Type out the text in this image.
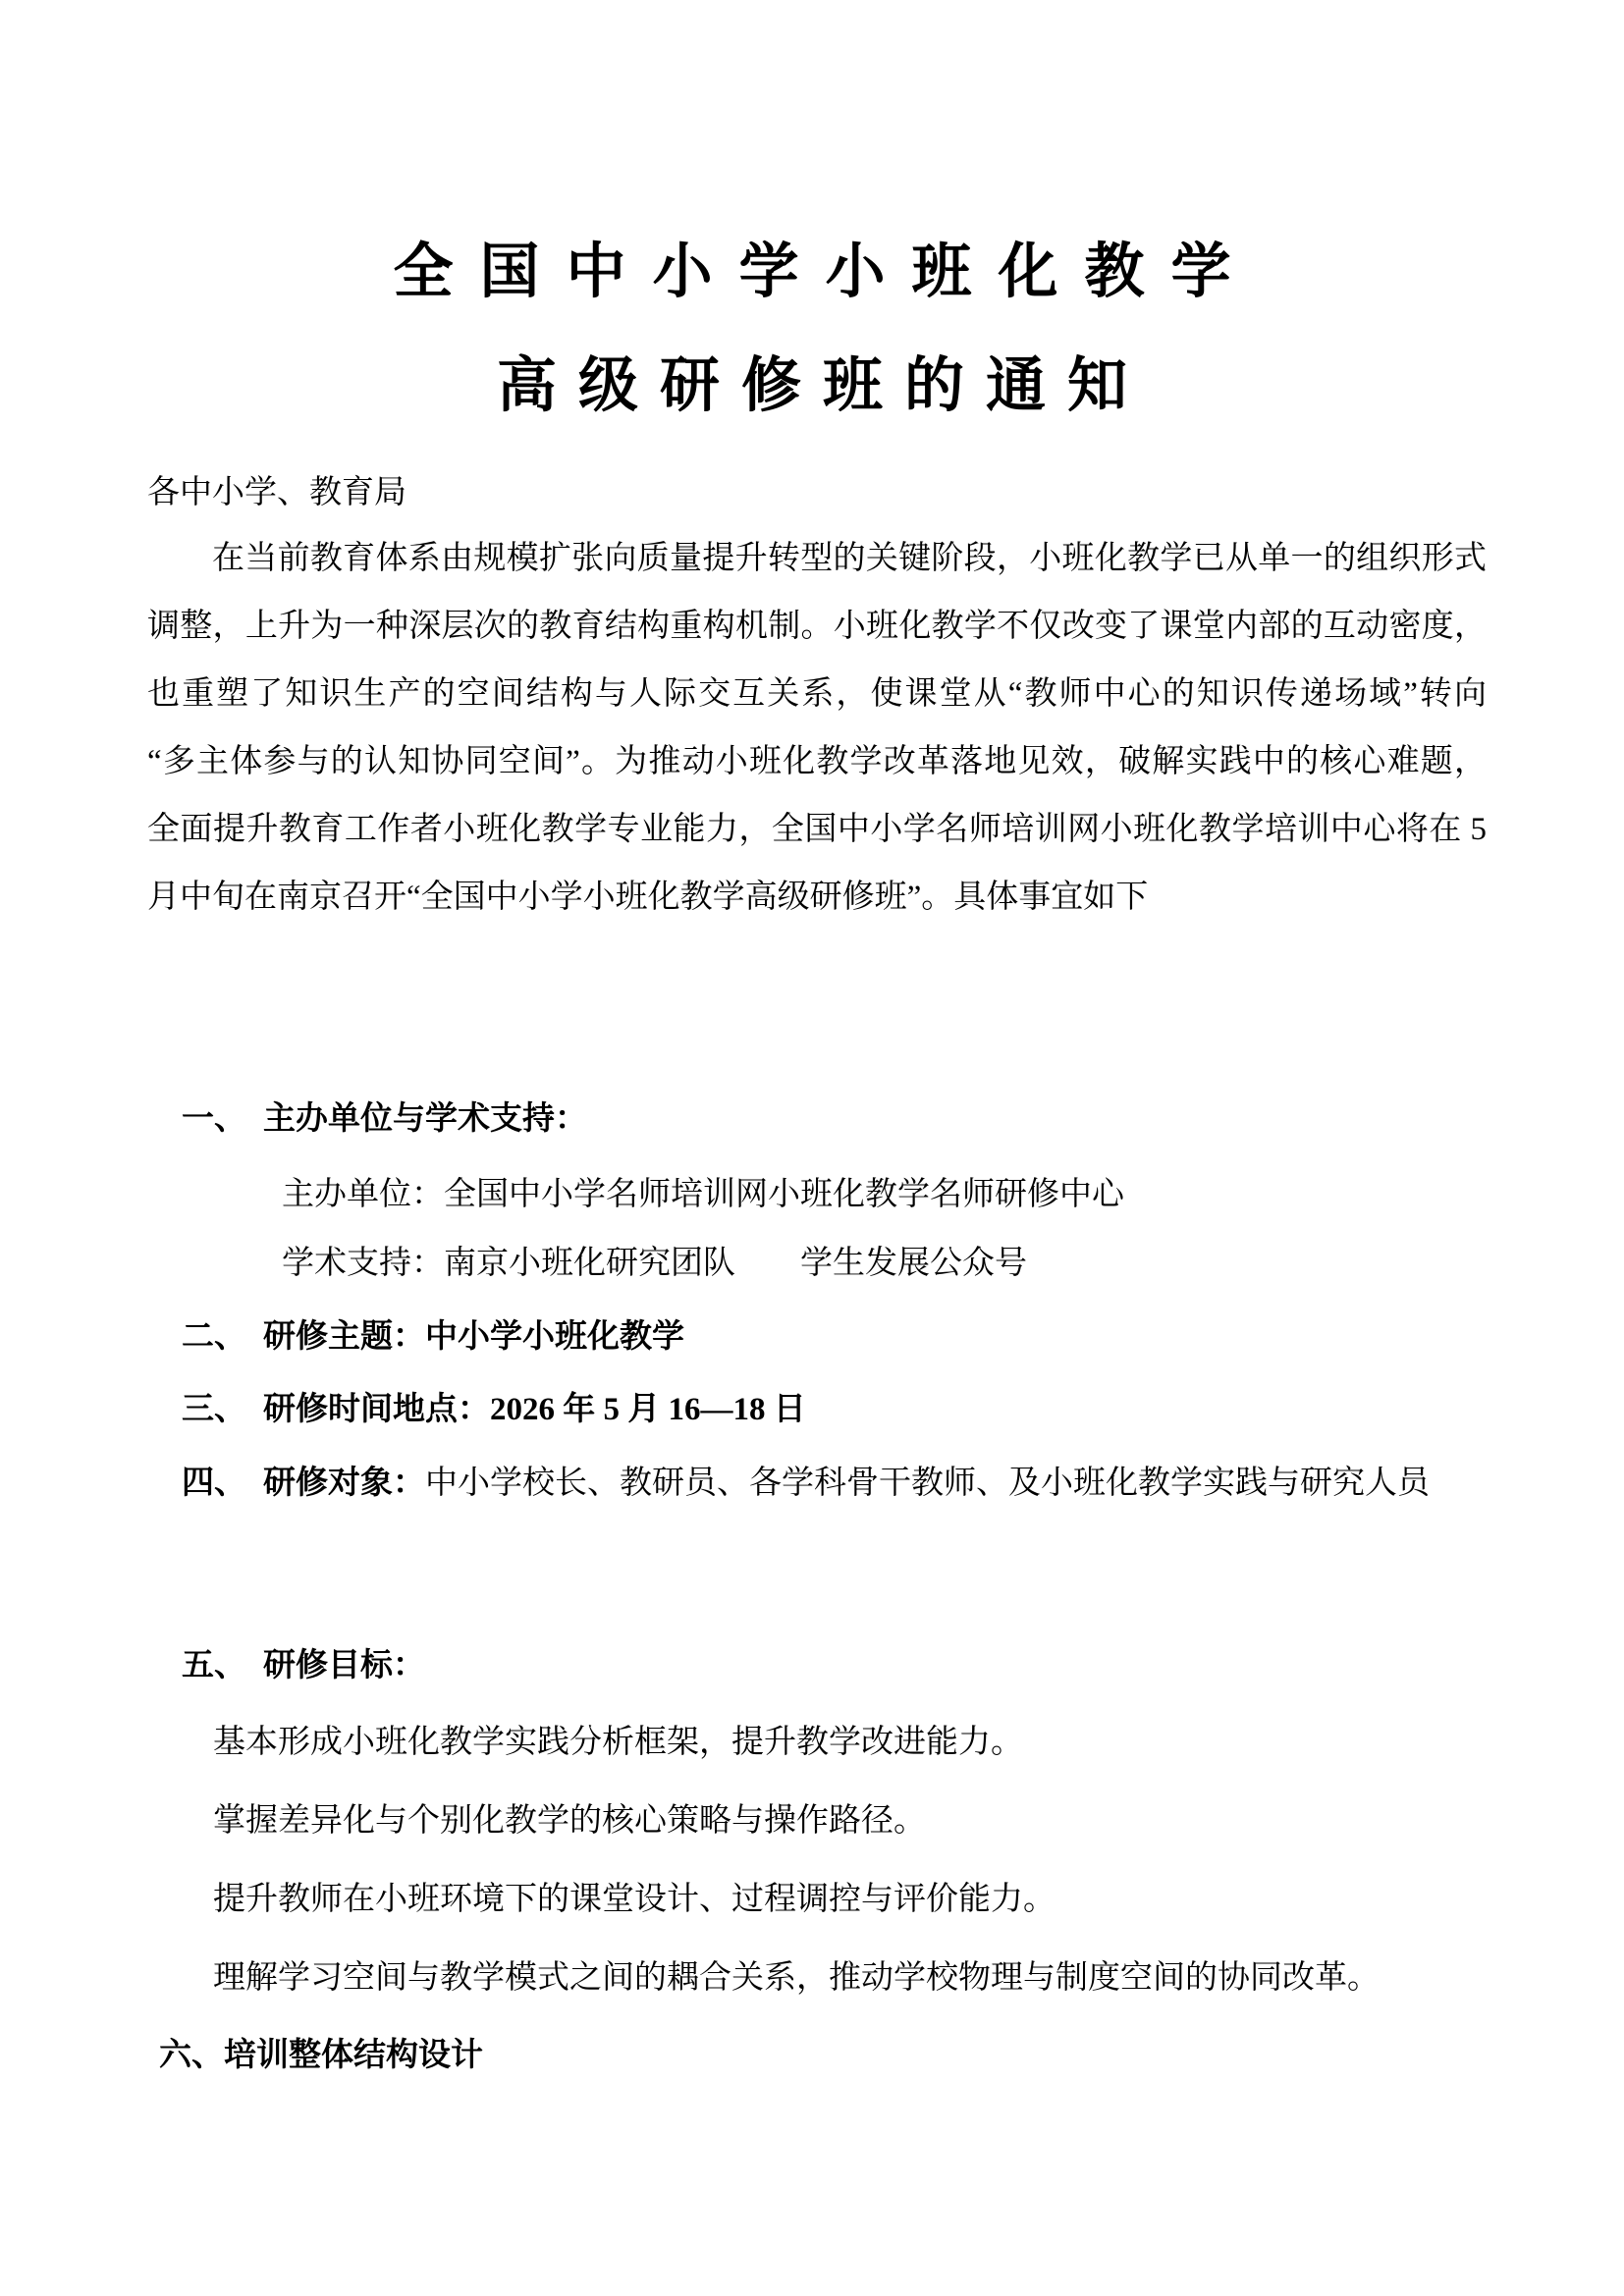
全国中小学小班化教学
高级研修班的通知
各中小学、教育局
在当前教育体系由规模扩张向质量提升转型的关键阶段，小班化教学已从单一的组织形式
调整，上升为一种深层次的教育结构重构机制。小班化教学不仅改变了课堂内部的互动密度，
也重塑了知识生产的空间结构与人际交互关系，使课堂从“教师中心的知识传递场域”转向
“多主体参与的认知协同空间”。为推动小班化教学改革落地见效，破解实践中的核心难题，
全面提升教育工作者小班化教学专业能力，全国中小学名师培训网小班化教学培训中心将在 5
月中旬在南京召开“全国中小学小班化教学高级研修班”。具体事宜如下
一、 主办单位与学术支持：
主办单位：全国中小学名师培训网小班化教学名师研修中心
学术支持：南京小班化研究团队　　学生发展公众号
二、 研修主题：中小学小班化教学
三、 研修时间地点：2026 年 5 月 16—18 日
四、 研修对象： 中小学校长、教研员、各学科骨干教师、及小班化教学实践与研究人员
五、 研修目标：
基本形成小班化教学实践分析框架，提升教学改进能力。
掌握差异化与个别化教学的核心策略与操作路径。
提升教师在小班环境下的课堂设计、过程调控与评价能力。
理解学习空间与教学模式之间的耦合关系，推动学校物理与制度空间的协同改革。
六、培训整体结构设计
